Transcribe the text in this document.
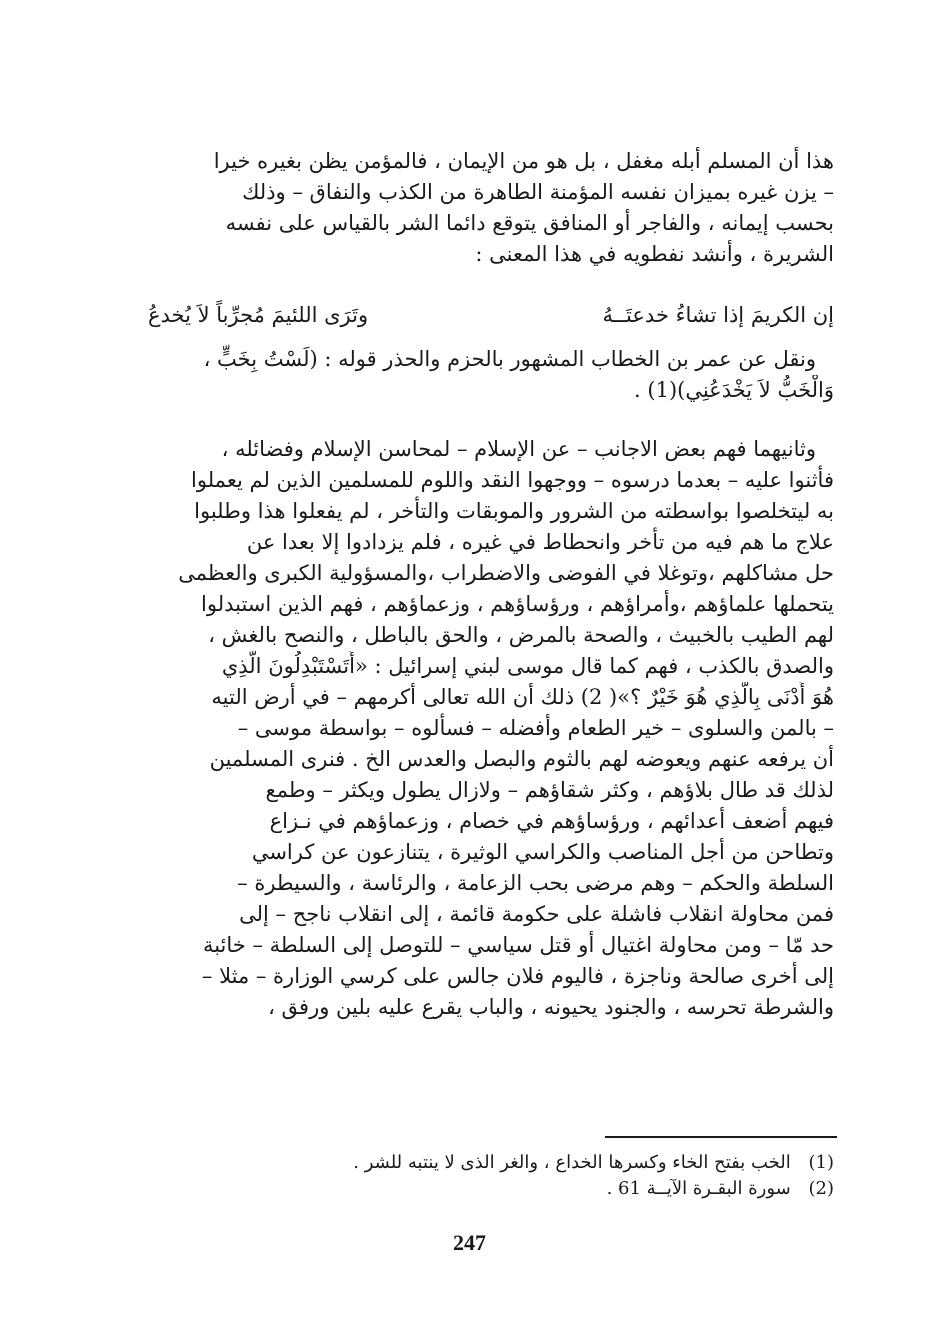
هذا أن المسلم أبله مغفل ، بل هو من الإيمان ، فالمؤمن يظن بغيره خيرا
– يزن غيره بميزان نفسه المؤمنة الطاهرة من الكذب والنفاق – وذلك
بحسب إيمانه ، والفاجر أو المنافق يتوقع دائما الشر بالقياس على نفسه
الشريرة ، وأنشد نفطويه في هذا المعنى :
إن الكريمَ إذا تشاءُ خدعتَــهُ
وتَرَى اللئيمَ مُجرِّباً لاَ يُخدعُ
ونقل عن عمر بن الخطاب المشهور بالحزم والحذر قوله : (لَسْتُ بِخَبٍّ ،
وَالْخَبُّ لاَ يَخْدَعُنِي)(1) .
وثانيهما فهم بعض الاجانب – عن الإسلام – لمحاسن الإسلام وفضائله ،
فأثنوا عليه – بعدما درسوه – ووجهوا النقد واللوم للمسلمين الذين لم يعملوا
به ليتخلصوا بواسطته من الشرور والموبقات والتأخر ، لم يفعلوا هذا وطلبوا
علاج ما هم فيه من تأخر وانحطاط في غيره ، فلم يزدادوا إلا بعدا عن
حل مشاكلهم ،وتوغلا في الفوضى والاضطراب ،والمسؤولية الكبرى والعظمى
يتحملها علماؤهم ،وأمراؤهم ، ورؤساؤهم ، وزعماؤهم ، فهم الذين استبدلوا
لهم الطيب بالخبيث ، والصحة بالمرض ، والحق بالباطل ، والنصح بالغش ،
والصدق بالكذب ، فهم كما قال موسى لبني إسرائيل : «أَتَسْتَبْدِلُونَ الَّذِي
هُوَ أَدْنَى بِالَّذِي هُوَ خَيْرٌ ؟»( 2) ذلك أن الله تعالى أكرمهم – في أرض التيه
– بالمن والسلوى – خير الطعام وأفضله – فسألوه – بواسطة موسى –
أن يرفعه عنهم ويعوضه لهم بالثوم والبصل والعدس الخ . فنرى المسلمين
لذلك قد طال بلاؤهم ، وكثر شقاؤهم – ولازال يطول ويكثر – وطمع
فيهم أضعف أعدائهم ، ورؤساؤهم في خصام ، وزعماؤهم في نـزاع
وتطاحن من أجل المناصب والكراسي الوثيرة ، يتنازعون عن كراسي
السلطة والحكم – وهم مرضى بحب الزعامة ، والرئاسة ، والسيطرة –
فمن محاولة انقلاب فاشلة على حكومة قائمة ، إلى انقلاب ناجح – إلى
حد مّا – ومن محاولة اغتيال أو قتل سياسي – للتوصل إلى السلطة – خائبة
إلى أخرى صالحة وناجزة ، فاليوم فلان جالس على كرسي الوزارة – مثلا –
والشرطة تحرسه ، والجنود يحيونه ، والباب يقرع عليه بلين ورفق ،
(1) الخب بفتح الخاء وكسرها الخداع ، والغر الذى لا ينتبه للشر .
(2) سورة البقـرة الآيــة 61 .
247
